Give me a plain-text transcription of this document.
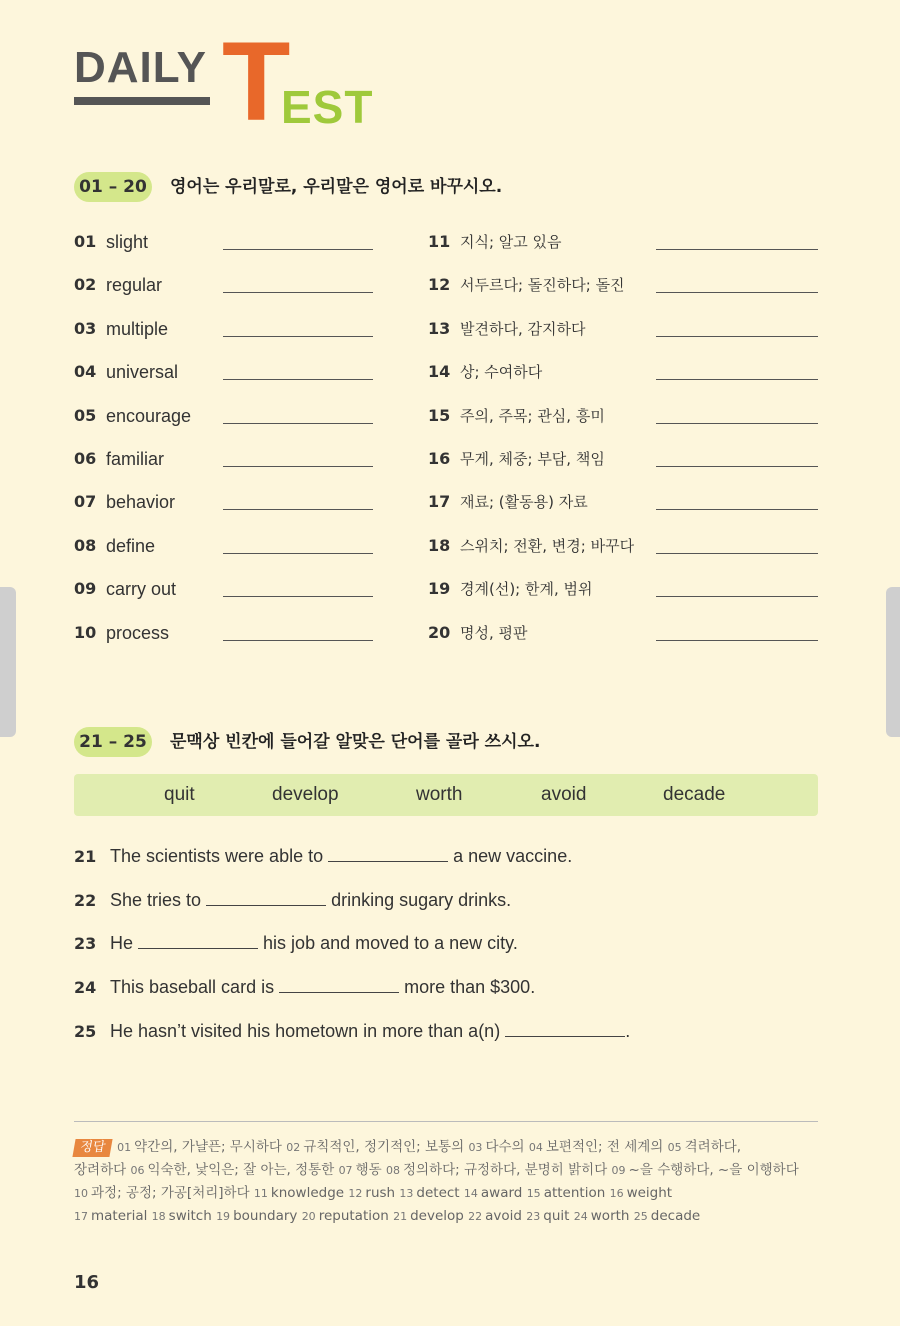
DAILY T
EST
01 – 20	영어는 우리말로, 우리말은 영어로 바꾸시오.
01 slight
02 regular
03 multiple
04 universal
05 encourage
06 familiar
07 behavior
08 define
09 carry out
10 process
11 지식; 알고 있음
12 서두르다; 돌진하다; 돌진
13 발견하다, 감지하다
14 상; 수여하다
15 주의, 주목; 관심, 흥미
16 무게, 체중; 부담, 책임
17 재료; (활동용) 자료
18 스위치; 전환, 변경; 바꾸다
19 경계(선); 한계, 범위
20 명성, 평판
21 – 25	문맥상 빈칸에 들어갈 알맞은 단어를 골라 쓰시오.
quit	develop	worth	avoid	decade
21 The scientists were able to	a new vaccine.
22 She tries to	drinking sugary drinks.
23 He	his job and moved to a new city.
24 This baseball card is	more than $300.
25 He hasn’t visited his hometown in more than a(n)	.
정답 01 약간의, 가냘픈; 무시하다 02 규칙적인, 정기적인; 보통의 03 다수의 04 보편적인; 전 세계의 05 격려하다,
장려하다 06 익숙한, 낯익은; 잘 아는, 정통한 07 행동 08 정의하다; 규정하다, 분명히 밝히다 09 ~을 수행하다, ~을 이행하다
10 과정; 공정; 가공[처리]하다 11 knowledge 12 rush 13 detect 14 award 15 attention 16 weight
17 material 18 switch 19 boundary 20 reputation 21 develop 22 avoid 23 quit 24 worth 25 decade
16
